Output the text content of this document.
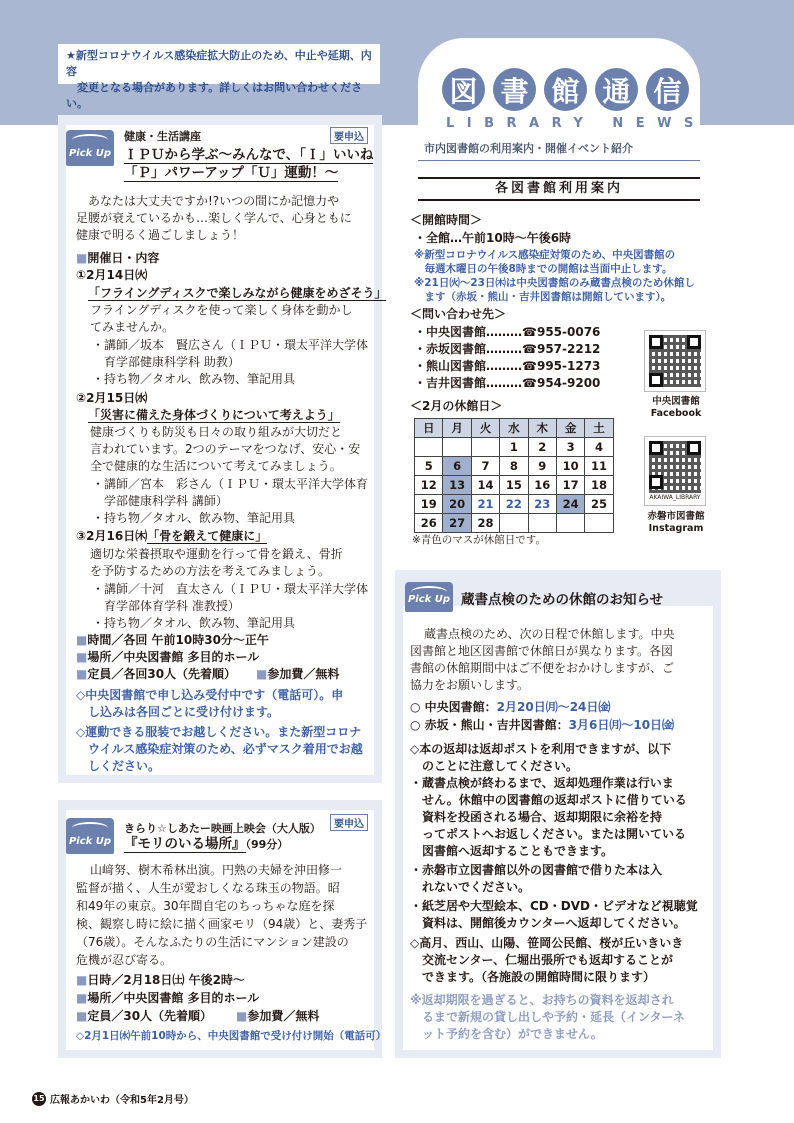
★新型コロナウイルス感染症拡大防止のため、中止や延期、内容
　変更となる場合があります。詳しくはお問い合わせください。	図 書 館 通 信
LIBRARY NEWS
市内図書館の利用案内・開催イベント紹介
Pick Up
健康・生活講座	要申込
ＩＰＵから学ぶ～みんなで、「Ｉ」いいね
「Ｐ」パワーアップ「Ｕ」運動！～
あなたは大丈夫ですか!?いつの間にか記憶力や
足腰が衰えているかも…楽しく学んで、心身ともに
健康で明るく過ごしましょう！
■ 開催日・内容
①2月14日㈫
「フライングディスクで楽しみながら健康をめざそう」
フライングディスクを使って楽しく身体を動かし
てみませんか。
・講師／坂本　賢広さん（ＩＰＵ・環太平洋大学体
　育学部健康科学科 助教）
・持ち物／タオル、飲み物、筆記用具
②2月15日㈬
「災害に備えた身体づくりについて考えよう」
健康づくりも防災も日々の取り組みが大切だと
言われています。2つのテーマをつなげ、安心・安
全で健康的な生活について考えてみましょう。
・講師／宮本　彩さん（ＩＰＵ・環太平洋大学体育
　学部健康科学科 講師）
・持ち物／タオル、飲み物、筆記用具
③2月16日㈭「骨を鍛えて健康に」
適切な栄養摂取や運動を行って骨を鍛え、骨折
を予防するための方法を考えてみましょう。
・講師／十河　直太さん（ＩＰＵ・環太平洋大学体
　育学部体育学科 准教授）
・持ち物／タオル、飲み物、筆記用具
■ 時間／各回 午前10時30分～正午
■ 場所／中央図書館 多目的ホール
■ 定員／各回30人（先着順）	■ 参加費／無料
◇中央図書館で申し込み受付中です（電話可）。申
　し込みは各回ごとに受け付けます。
◇運動できる服装でお越しください。また新型コロナ
　ウイルス感染症対策のため、必ずマスク着用でお越
　しください。
Pick Up
きらり☆しあたー映画上映会（大人版）	要申込
『モリのいる場所』（99分）
山﨑努、樹木希林出演。円熟の夫婦を沖田修一
監督が描く、人生が愛おしくなる珠玉の物語。昭
和49年の東京。30年間自宅のちっちゃな庭を探
検、観察し時に絵に描く画家モリ（94歳）と、妻秀子
（76歳）。そんなふたりの生活にマンション建設の
危機が忍び寄る。
■ 日時／2月18日㈯ 午後2時～
■ 場所／中央図書館 多目的ホール
■ 定員／30人（先着順）	■ 参加費／無料
◇2月1日㈬午前10時から、中央図書館で受け付け開始（電話可）
各図書館利用案内
＜開館時間＞
・全館…午前10時～午後6時
※新型コロナウイルス感染症対策のため、中央図書館の
　毎週木曜日の午後8時までの開館は当面中止します。
※21日㈫～23日㈭は中央図書館のみ蔵書点検のため休館し
　ます（赤坂・熊山・吉井図書館は開館しています）。
＜問い合わせ先＞
・中央図書館………☎955-0076
・赤坂図書館………☎957-2212
・熊山図書館………☎995-1273
・吉井図書館………☎954-9200
中央図書館
Facebook
AKAIWA_LIBRARY
赤磐市図書館
Instagram
＜2月の休館日＞
日	月	火	水	木	金	土
			1	2	3	4
5	6	7	8	9	10	11
12	13	14	15	16	17	18
19	20	21	22	23	24	25
26	27	28				
※青色のマスが休館日です。
Pick Up 蔵書点検のための休館のお知らせ
蔵書点検のため、次の日程で休館します。中央
図書館と地区図書館で休館日が異なります。各図
書館の休館期間中はご不便をおかけしますが、ご
協力をお願いします。
○ 中央図書館：2月20日㈪～24日㈮
○ 赤坂・熊山・吉井図書館：3月6日㈪～10日㈮
◇本の返却は返却ポストを利用できますが、以下
　のことに注意してください。
・蔵書点検が終わるまで、返却処理作業は行いま
　せん。休館中の図書館の返却ポストに借りている
　資料を投函される場合、返却期限に余裕を持
　ってポストへお返しください。または開いている
　図書館へ返却することもできます。
・赤磐市立図書館以外の図書館で借りた本は入
　れないでください。
・紙芝居や大型絵本、CD・DVD・ビデオなど視聴覚
　資料は、開館後カウンターへ返却してください。
◇高月、西山、山陽、笹岡公民館、桜が丘いきいき
　交流センター、仁堀出張所でも返却することが
　できます。（各施設の開館時間に限ります）
※返却期限を過ぎると、お持ちの資料を返却され
　るまで新規の貸し出しや予約・延長（インターネ
　ット予約を含む）ができません。
15 広報あかいわ（令和5年2月号）
